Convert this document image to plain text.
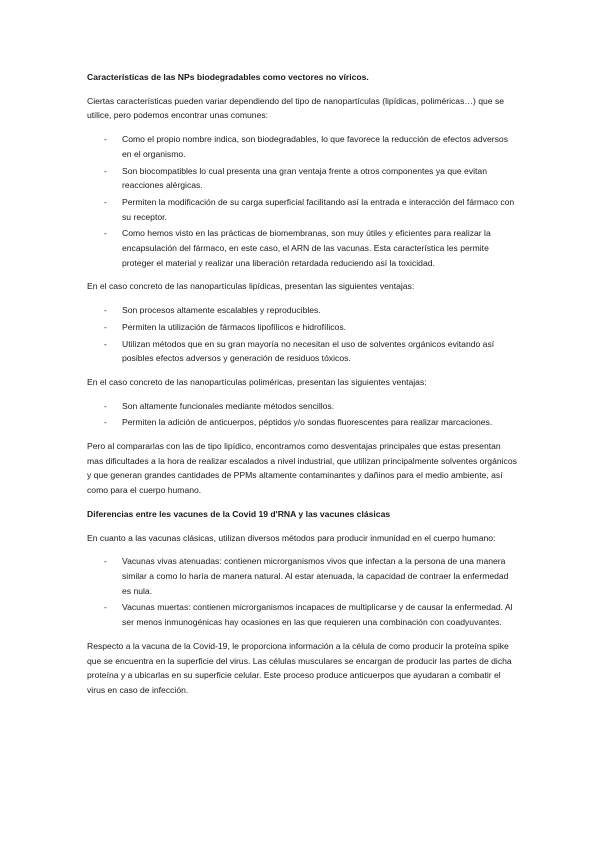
Características de las NPs biodegradables como vectores no víricos.

Ciertas características pueden variar dependiendo del tipo de nanopartículas (lipídicas, poliméricas…) que se utilice, pero podemos encontrar unas comunes:

- Como el propio nombre indica, son biodegradables, lo que favorece la reducción de efectos adversos en el organismo.
- Son biocompatibles lo cual presenta una gran ventaja frente a otros componentes ya que evitan reacciones alérgicas.
- Permiten la modificación de su carga superficial facilitando así la entrada e interacción del fármaco con su receptor.
- Como hemos visto en las prácticas de biomembranas, son muy útiles y eficientes para realizar la encapsulación del fármaco, en este caso, el ARN de las vacunas. Esta característica les permite proteger el material y realizar una liberación retardada reduciendo así la toxicidad.

En el caso concreto de las nanopartículas lipídicas, presentan las siguientes ventajas:

- Son procesos altamente escalables y reproducibles.
- Permiten la utilización de fármacos lipofílicos e hidrofílicos.
- Utilizan métodos que en su gran mayoría no necesitan el uso de solventes orgánicos evitando así posibles efectos adversos y generación de residuos tóxicos.

En el caso concreto de las nanopartículas poliméricas, presentan las siguientes ventajas:

- Son altamente funcionales mediante métodos sencillos.
- Permiten la adición de anticuerpos, péptidos y/o sondas fluorescentes para realizar marcaciones.

Pero al compararlas con las de tipo lipídico, encontramos como desventajas principales que estas presentan mas dificultades a la hora de realizar escalados a nivel industrial, que utilizan principalmente solventes orgánicos y que generan grandes cantidades de PPMs altamente contaminantes y dañinos para el medio ambiente, así como para el cuerpo humano.

Diferencias entre les vacunes de la Covid 19 d'RNA y las vacunes clásicas

En cuanto a las vacunas clásicas, utilizan diversos métodos para producir inmunidad en el cuerpo humano:

- Vacunas vivas atenuadas: contienen microrganismos vivos que infectan a la persona de una manera similar a como lo haría de manera natural. Al estar atenuada, la capacidad de contraer la enfermedad es nula.
- Vacunas muertas: contienen microrganismos incapaces de multiplicarse y de causar la enfermedad. Al ser menos inmunogénicas hay ocasiones en las que requieren una combinación con coadyuvantes.

Respecto a la vacuna de la Covid-19, le proporciona información a la célula de como producir la proteína spike que se encuentra en la superficie del virus. Las células musculares se encargan de producir las partes de dicha proteína y a ubicarlas en su superficie celular. Este proceso produce anticuerpos que ayudaran a combatir el virus en caso de infección.
